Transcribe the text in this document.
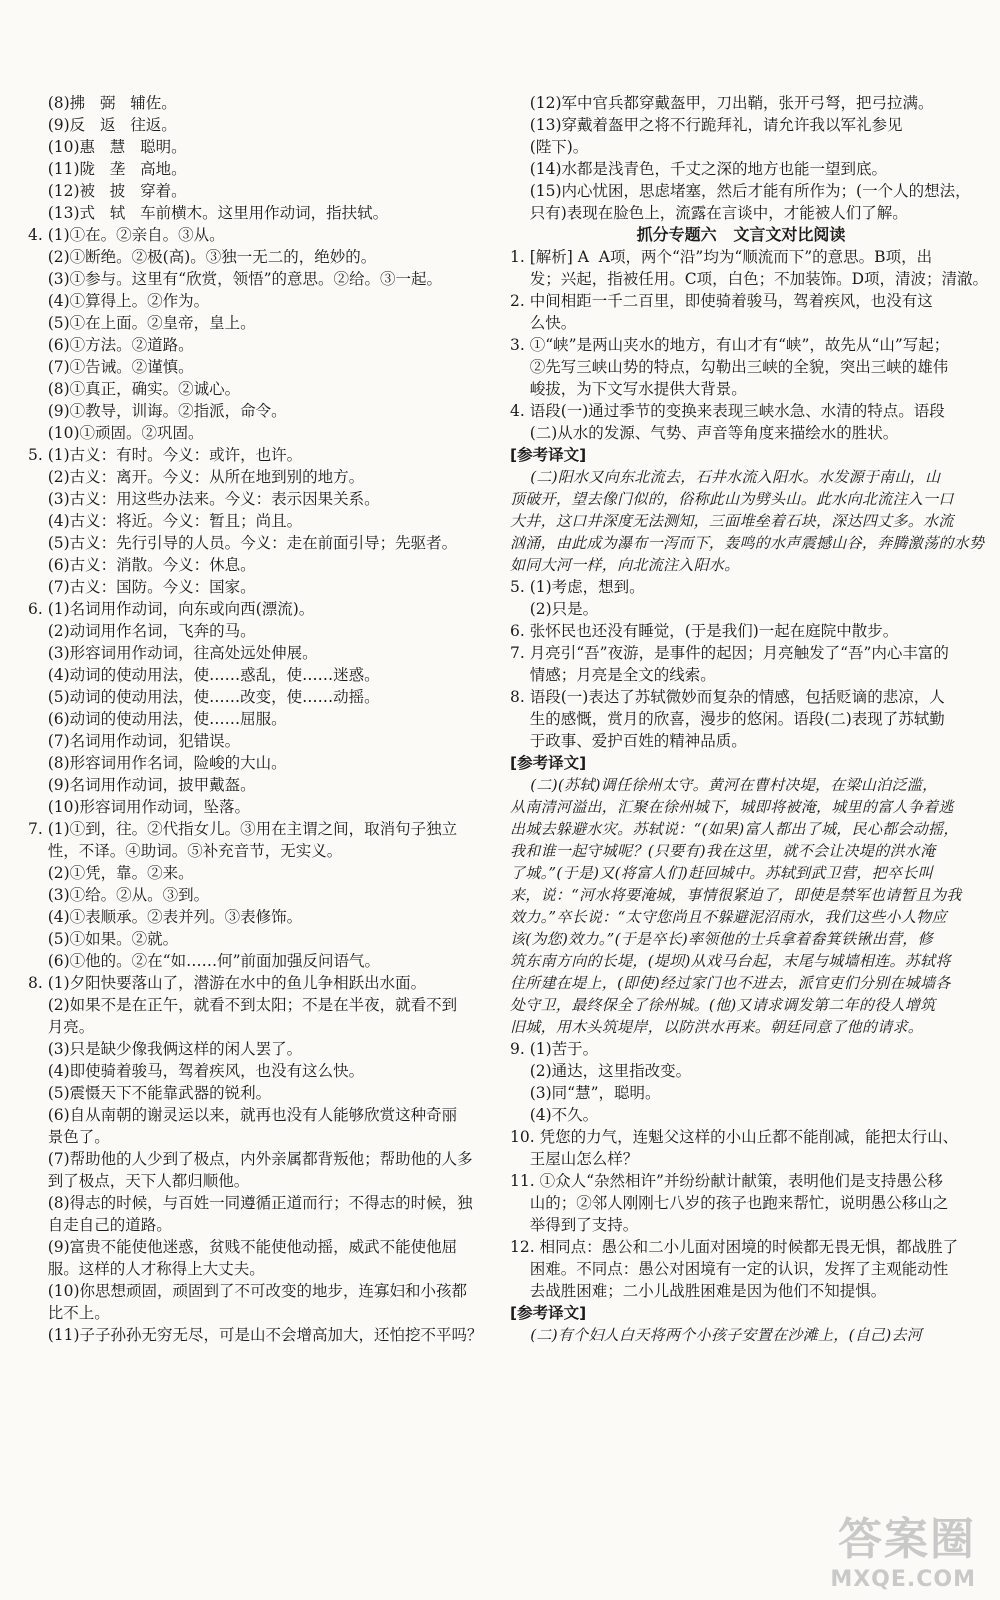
(8)拂   弼   辅佐。
(9)反   返   往返。
(10)惠   慧   聪明。
(11)陇   垄   高地。
(12)被   披   穿着。
(13)式   轼   车前横木。这里用作动词，指扶轼。
4. (1)①在。②亲自。③从。
(2)①断绝。②极(高)。③独一无二的，绝妙的。
(3)①参与。这里有“欣赏，领悟”的意思。②给。③一起。
(4)①算得上。②作为。
(5)①在上面。②皇帝，皇上。
(6)①方法。②道路。
(7)①告诫。②谨慎。
(8)①真正，确实。②诚心。
(9)①教导，训诲。②指派，命令。
(10)①顽固。②巩固。
5. (1)古义：有时。今义：或许，也许。
(2)古义：离开。今义：从所在地到别的地方。
(3)古义：用这些办法来。今义：表示因果关系。
(4)古义：将近。今义：暂且；尚且。
(5)古义：先行引导的人员。今义：走在前面引导；先驱者。
(6)古义：消散。今义：休息。
(7)古义：国防。今义：国家。
6. (1)名词用作动词，向东或向西(漂流)。
(2)动词用作名词，飞奔的马。
(3)形容词用作动词，往高处远处伸展。
(4)动词的使动用法，使……惑乱，使……迷惑。
(5)动词的使动用法，使……改变，使……动摇。
(6)动词的使动用法，使……屈服。
(7)名词用作动词，犯错误。
(8)形容词用作名词，险峻的大山。
(9)名词用作动词，披甲戴盔。
(10)形容词用作动词，坠落。
7. (1)①到，往。②代指女儿。③用在主谓之间，取消句子独立
性，不译。④助词。⑤补充音节，无实义。
(2)①凭，靠。②来。
(3)①给。②从。③到。
(4)①表顺承。②表并列。③表修饰。
(5)①如果。②就。
(6)①他的。②在“如……何”前面加强反问语气。
8. (1)夕阳快要落山了，潜游在水中的鱼儿争相跃出水面。
(2)如果不是在正午，就看不到太阳；不是在半夜，就看不到
月亮。
(3)只是缺少像我俩这样的闲人罢了。
(4)即使骑着骏马，驾着疾风，也没有这么快。
(5)震慑天下不能靠武器的锐利。
(6)自从南朝的谢灵运以来，就再也没有人能够欣赏这种奇丽
景色了。
(7)帮助他的人少到了极点，内外亲属都背叛他；帮助他的人多
到了极点，天下人都归顺他。
(8)得志的时候，与百姓一同遵循正道而行；不得志的时候，独
自走自己的道路。
(9)富贵不能使他迷惑，贫贱不能使他动摇，威武不能使他屈
服。这样的人才称得上大丈夫。
(10)你思想顽固，顽固到了不可改变的地步，连寡妇和小孩都
比不上。
(11)子子孙孙无穷无尽，可是山不会增高加大，还怕挖不平吗？
(12)军中官兵都穿戴盔甲，刀出鞘，张开弓弩，把弓拉满。
(13)穿戴着盔甲之将不行跪拜礼，请允许我以军礼参见
(陛下)。
(14)水都是浅青色，千丈之深的地方也能一望到底。
(15)内心忧困，思虑堵塞，然后才能有所作为；(一个人的想法，
只有)表现在脸色上，流露在言谈中，才能被人们了解。
抓分专题六   文言文对比阅读
1. [解析] A  A项，两个“沿”均为“顺流而下”的意思。B项，出
发；兴起，指被任用。C项，白色；不加装饰。D项，清波；清澈。
2. 中间相距一千二百里，即使骑着骏马，驾着疾风，也没有这
么快。
3. ①“峡”是两山夹水的地方，有山才有“峡”，故先从“山”写起；
②先写三峡山势的特点，勾勒出三峡的全貌，突出三峡的雄伟
峻拔，为下文写水提供大背景。
4. 语段(一)通过季节的变换来表现三峡水急、水清的特点。语段
(二)从水的发源、气势、声音等角度来描绘水的胜状。
[参考译文]
(二)阳水又向东北流去，石井水流入阳水。水发源于南山，山
顶破开，望去像门似的，俗称此山为劈头山。此水向北流注入一口
大井，这口井深度无法测知，三面堆垒着石块，深达四丈多。水流
汹涌，由此成为瀑布一泻而下，轰鸣的水声震撼山谷，奔腾激荡的水势
如同大河一样，向北流注入阳水。
5. (1)考虑，想到。
(2)只是。
6. 张怀民也还没有睡觉，(于是我们)一起在庭院中散步。
7. 月亮引“吾”夜游，是事件的起因；月亮触发了“吾”内心丰富的
情感；月亮是全文的线索。
8. 语段(一)表达了苏轼微妙而复杂的情感，包括贬谪的悲凉，人
生的感慨，赏月的欣喜，漫步的悠闲。语段(二)表现了苏轼勤
于政事、爱护百姓的精神品质。
[参考译文]
(二)(苏轼)调任徐州太守。黄河在曹村决堤，在梁山泊泛滥，
从南清河溢出，汇聚在徐州城下，城即将被淹，城里的富人争着逃
出城去躲避水灾。苏轼说：“(如果)富人都出了城，民心都会动摇，
我和谁一起守城呢？(只要有)我在这里，就不会让决堤的洪水淹
了城。”(于是)又(将富人们)赶回城中。苏轼到武卫营，把卒长叫
来，说：“河水将要淹城，事情很紧迫了，即使是禁军也请暂且为我
效力。”卒长说：“太守您尚且不躲避泥沼雨水，我们这些小人物应
该(为您)效力。”(于是卒长)率领他的士兵拿着畚箕铁锹出营，修
筑东南方向的长堤，(堤坝)从戏马台起，末尾与城墙相连。苏轼将
住所建在堤上，(即使)经过家门也不进去，派官吏们分别在城墙各
处守卫，最终保全了徐州城。(他)又请求调发第二年的役人增筑
旧城，用木头筑堤岸，以防洪水再来。朝廷同意了他的请求。
9. (1)苦于。
(2)通达，这里指改变。
(3)同“慧”，聪明。
(4)不久。
10. 凭您的力气，连魁父这样的小山丘都不能削减，能把太行山、
王屋山怎么样？
11. ①众人“杂然相许”并纷纷献计献策，表明他们是支持愚公移
山的；②邻人刚刚七八岁的孩子也跑来帮忙，说明愚公移山之
举得到了支持。
12. 相同点：愚公和二小儿面对困境的时候都无畏无惧，都战胜了
困难。不同点：愚公对困境有一定的认识，发挥了主观能动性
去战胜困难；二小儿战胜困难是因为他们不知提惧。
[参考译文]
(二)有个妇人白天将两个小孩子安置在沙滩上，(自己)去河
答案圈
MXQE.COM
